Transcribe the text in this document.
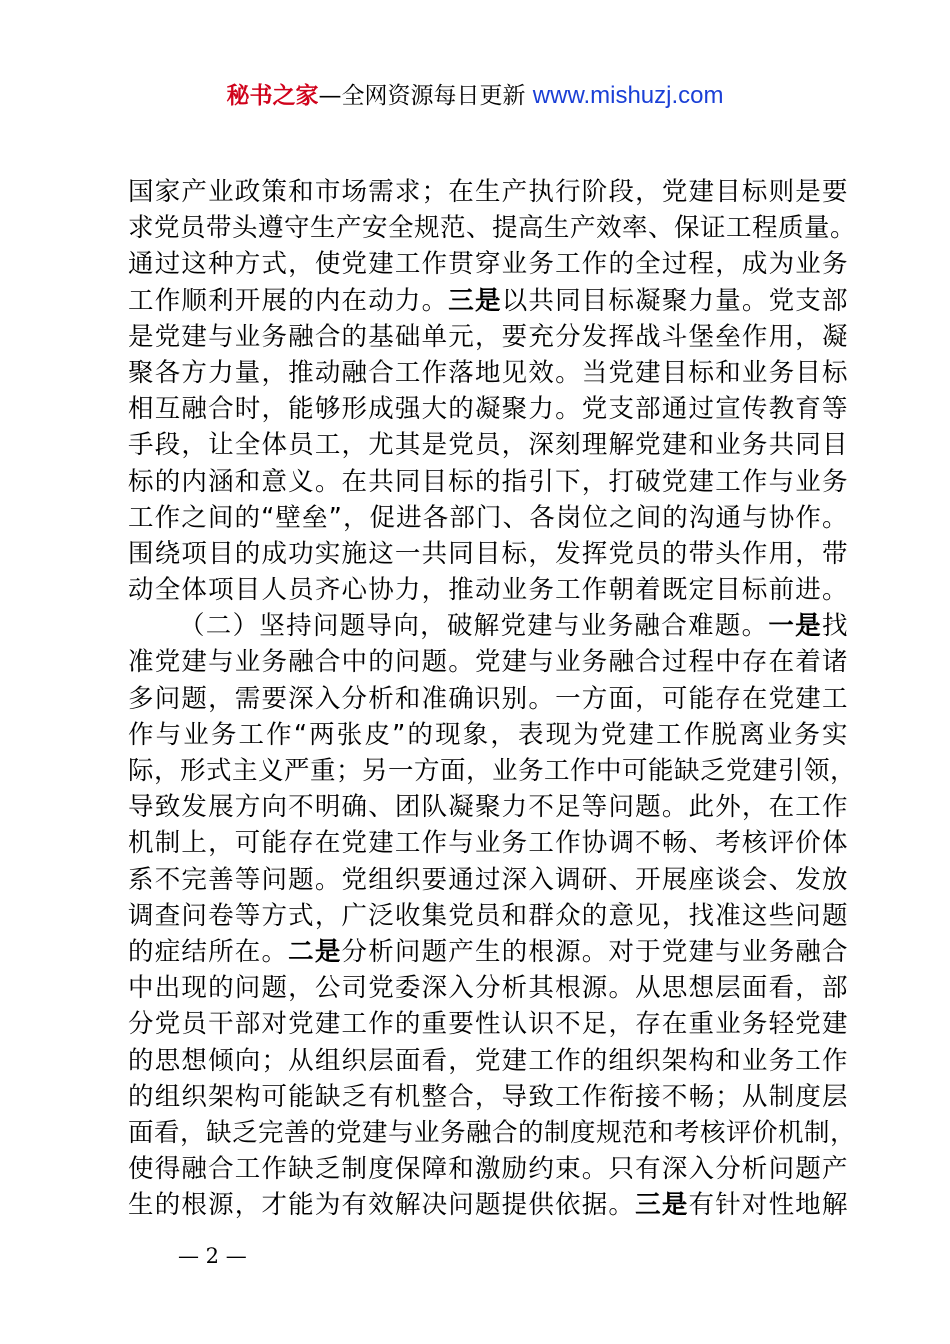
秘书之家—全网资源每日更新 www.mishuzj.com
国家产业政策和市场需求；在生产执行阶段，党建目标则是要
求党员带头遵守生产安全规范、提高生产效率、保证工程质量。
通过这种方式，使党建工作贯穿业务工作的全过程，成为业务
工作顺利开展的内在动力。三是以共同目标凝聚力量。党支部
是党建与业务融合的基础单元，要充分发挥战斗堡垒作用，凝
聚各方力量，推动融合工作落地见效。当党建目标和业务目标
相互融合时，能够形成强大的凝聚力。党支部通过宣传教育等
手段，让全体员工，尤其是党员，深刻理解党建和业务共同目
标的内涵和意义。在共同目标的指引下，打破党建工作与业务
工作之间的“壁垒”，促进各部门、各岗位之间的沟通与协作。
围绕项目的成功实施这一共同目标，发挥党员的带头作用，带
动全体项目人员齐心协力，推动业务工作朝着既定目标前进。
（二）坚持问题导向，破解党建与业务融合难题。一是找
准党建与业务融合中的问题。党建与业务融合过程中存在着诸
多问题，需要深入分析和准确识别。一方面，可能存在党建工
作与业务工作“两张皮”的现象，表现为党建工作脱离业务实
际，形式主义严重；另一方面，业务工作中可能缺乏党建引领，
导致发展方向不明确、团队凝聚力不足等问题。此外，在工作
机制上，可能存在党建工作与业务工作协调不畅、考核评价体
系不完善等问题。党组织要通过深入调研、开展座谈会、发放
调查问卷等方式，广泛收集党员和群众的意见，找准这些问题
的症结所在。二是分析问题产生的根源。对于党建与业务融合
中出现的问题，公司党委深入分析其根源。从思想层面看，部
分党员干部对党建工作的重要性认识不足，存在重业务轻党建
的思想倾向；从组织层面看，党建工作的组织架构和业务工作
的组织架构可能缺乏有机整合，导致工作衔接不畅；从制度层
面看，缺乏完善的党建与业务融合的制度规范和考核评价机制，
使得融合工作缺乏制度保障和激励约束。只有深入分析问题产
生的根源，才能为有效解决问题提供依据。三是有针对性地解
— 2 —
